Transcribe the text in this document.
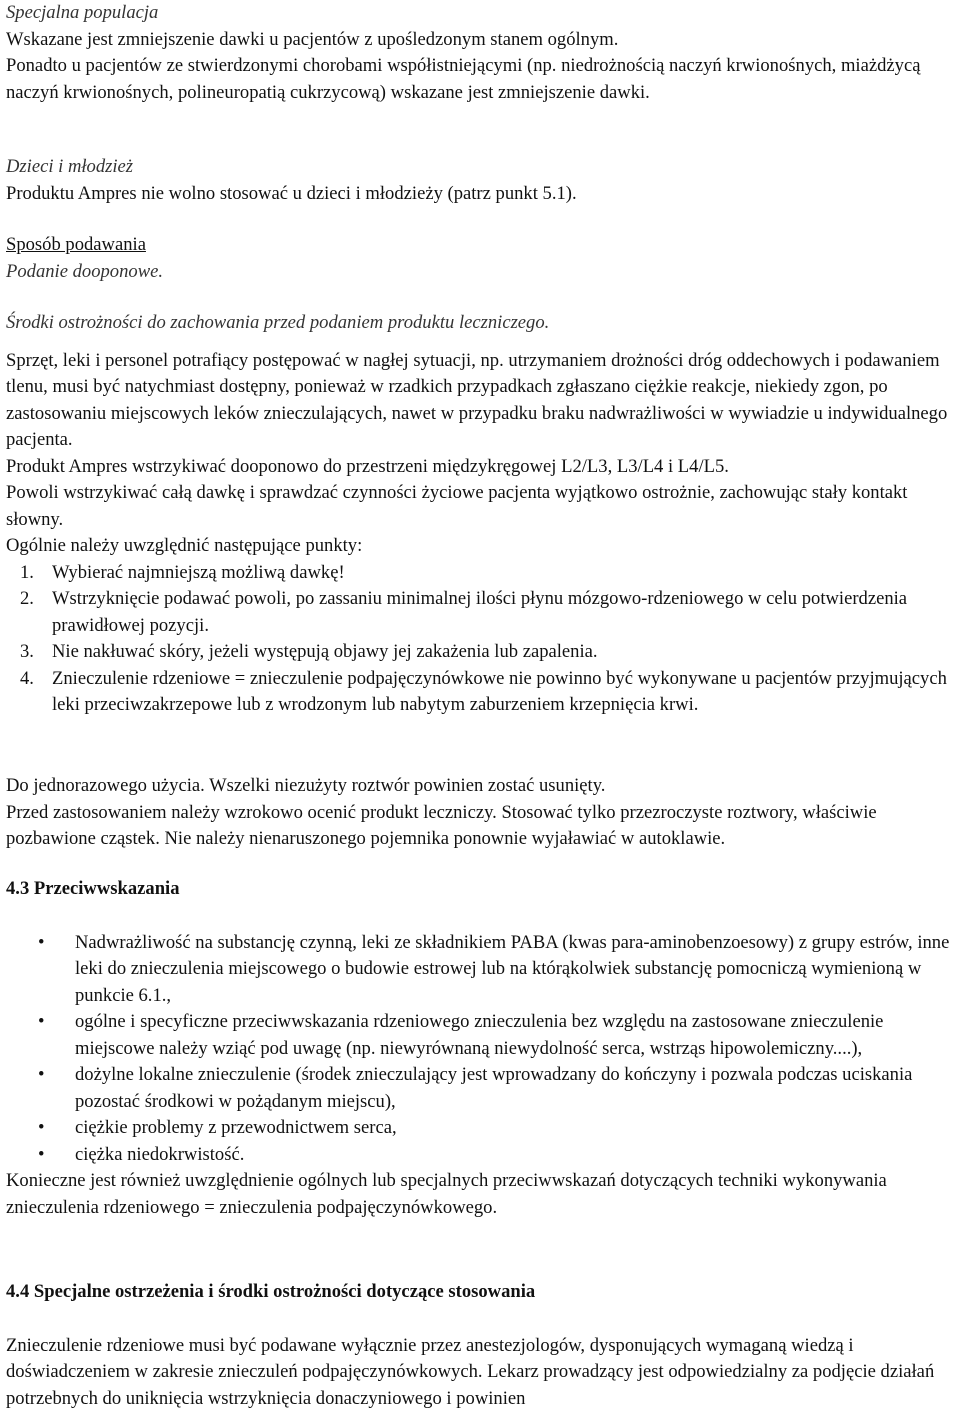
Specjalna populacja
Wskazane jest zmniejszenie dawki u pacjentów z upośledzonym stanem ogólnym.
Ponadto u pacjentów ze stwierdzonymi chorobami współistniejącymi (np. niedrożnością naczyń krwionośnych, miażdżycą naczyń krwionośnych, polineuropatią cukrzycową) wskazane jest zmniejszenie dawki.
Dzieci i młodzież
Produktu Ampres nie wolno stosować u dzieci i młodzieży (patrz punkt 5.1).
Sposób podawania
Podanie dooponowe.
Środki ostrożności do zachowania przed podaniem produktu leczniczego.
Sprzęt, leki i personel potrafiący postępować w nagłej sytuacji, np. utrzymaniem drożności dróg oddechowych i podawaniem tlenu, musi być natychmiast dostępny, ponieważ w rzadkich przypadkach zgłaszano ciężkie reakcje, niekiedy zgon, po zastosowaniu miejscowych leków znieczulających, nawet w przypadku braku nadwrażliwości w wywiadzie u indywidualnego pacjenta.
Produkt Ampres wstrzykiwać dooponowo do przestrzeni międzykręgowej L2/L3, L3/L4 i L4/L5.
Powoli wstrzykiwać całą dawkę i sprawdzać czynności życiowe pacjenta wyjątkowo ostrożnie, zachowując stały kontakt słowny.
Ogólnie należy uwzględnić następujące punkty:
1. Wybierać najmniejszą możliwą dawkę!
2. Wstrzyknięcie podawać powoli, po zassaniu minimalnej ilości płynu mózgowo-rdzeniowego w celu potwierdzenia prawidłowej pozycji.
3. Nie nakłuwać skóry, jeżeli występują objawy jej zakażenia lub zapalenia.
4. Znieczulenie rdzeniowe = znieczulenie podpajęczynówkowe nie powinno być wykonywane u pacjentów przyjmujących leki przeciwzakrzepowe lub z wrodzonym lub nabytym zaburzeniem krzepnięcia krwi.
Do jednorazowego użycia. Wszelki niezużyty roztwór powinien zostać usunięty.
Przed zastosowaniem należy wzrokowo ocenić produkt leczniczy. Stosować tylko przezroczyste roztwory, właściwie pozbawione cząstek. Nie należy nienaruszonego pojemnika ponownie wyjaławiać w autoklawie.
4.3 Przeciwwskazania
• Nadwrażliwość na substancję czynną, leki ze składnikiem PABA (kwas para-aminobenzoesowy) z grupy estrów, inne leki do znieczulenia miejscowego o budowie estrowej lub na którąkolwiek substancję pomocniczą wymienioną w punkcie 6.1.,
• ogólne i specyficzne przeciwwskazania rdzeniowego znieczulenia bez względu na zastosowane znieczulenie miejscowe należy wziąć pod uwagę (np. niewyrównaną niewydolność serca, wstrząs hipowolemiczny....),
• dożylne lokalne znieczulenie (środek znieczulający jest wprowadzany do kończyny i pozwala podczas uciskania pozostać środkowi w pożądanym miejscu),
• ciężkie problemy z przewodnictwem serca,
• ciężka niedokrwistość.
Konieczne jest również uwzględnienie ogólnych lub specjalnych przeciwwskazań dotyczących techniki wykonywania znieczulenia rdzeniowego = znieczulenia podpajęczynówkowego.
4.4 Specjalne ostrzeżenia i środki ostrożności dotyczące stosowania
Znieczulenie rdzeniowe musi być podawane wyłącznie przez anestezjologów, dysponujących wymaganą wiedzą i doświadczeniem w zakresie znieczuleń podpajęczynówkowych. Lekarz prowadzący jest odpowiedzialny za podjęcie działań potrzebnych do uniknięcia wstrzyknięcia donaczyniowego i powinien
